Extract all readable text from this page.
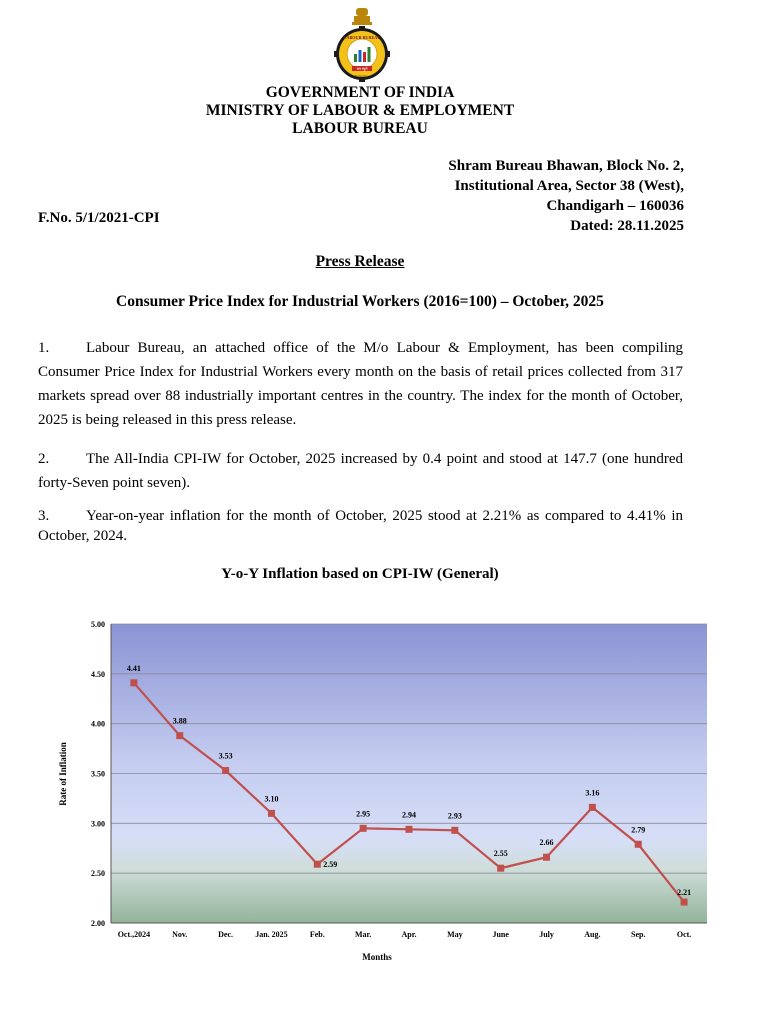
LABOUR BUREAU
श्रम ब्यूरो
Reliability
GOVERNMENT OF INDIA
MINISTRY OF LABOUR & EMPLOYMENT
LABOUR BUREAU
Shram Bureau Bhawan, Block No. 2,
Institutional Area, Sector 38 (West),
Chandigarh – 160036
Dated: 28.11.2025
F.No. 5/1/2021-CPI
Press Release
Consumer Price Index for Industrial Workers (2016=100) – October, 2025
1. Labour Bureau, an attached office of the M/o Labour & Employment, has been compiling Consumer Price Index for Industrial Workers every month on the basis of retail prices collected from 317 markets spread over 88 industrially important centres in the country. The index for the month of October, 2025 is being released in this press release.
2. The All-India CPI-IW for October, 2025 increased by 0.4 point and stood at 147.7 (one hundred forty-Seven point seven).
3. Year-on-year inflation for the month of October, 2025 stood at 2.21% as compared to 4.41% in October, 2024.
Y-o-Y Inflation based on CPI-IW (General)
2.00
2.50
3.00
3.50
4.00
4.50
5.00
Oct.,2024	Nov.	Dec.	Jan. 2025	Feb.	Mar.	Apr.	May	June	July	Aug.	Sep.	Oct.
4.41
3.88
3.53
3.10
2.59
2.95	2.94	2.93
2.55
2.66
3.16
2.79
2.21
Rate of Inflation
Months
